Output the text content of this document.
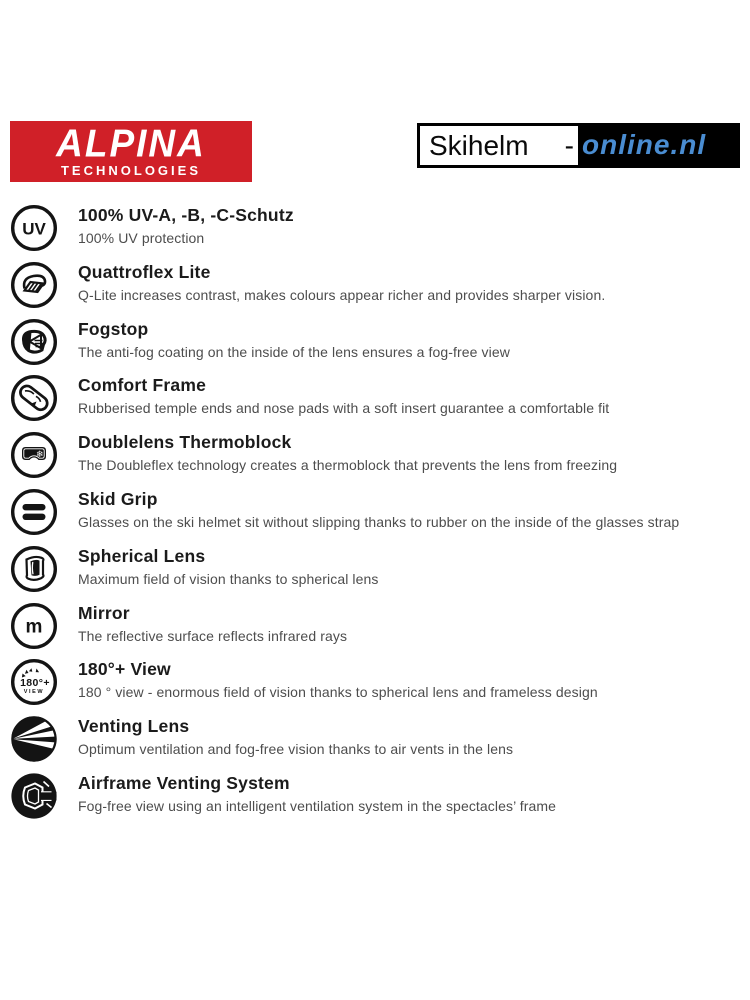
ALPINA
TECHNOLOGIES
Skihelm - online.nl
UV
100% UV-A, -B, -C-Schutz
100% UV protection
Quattroflex Lite
Q-Lite increases contrast, makes colours appear richer and provides sharper vision.
Fogstop
The anti-fog coating on the inside of the lens ensures a fog-free view
Comfort Frame
Rubberised temple ends and nose pads with a soft insert guarantee a comfortable fit
❄
Doublelens Thermoblock
The Doubleflex technology creates a thermoblock that prevents the lens from freezing
Skid Grip
Glasses on the ski helmet sit without slipping thanks to rubber on the inside of the glasses strap
Spherical Lens
Maximum field of vision thanks to spherical lens
m
Mirror
The reflective surface reflects infrared rays
180°+
VIEW
180°+ View
180 ° view - enormous field of vision thanks to spherical lens and frameless design
Venting Lens
Optimum ventilation and fog-free vision thanks to air vents in the lens
Airframe Venting System
Fog-free view using an intelligent ventilation system in the spectacles’ frame
